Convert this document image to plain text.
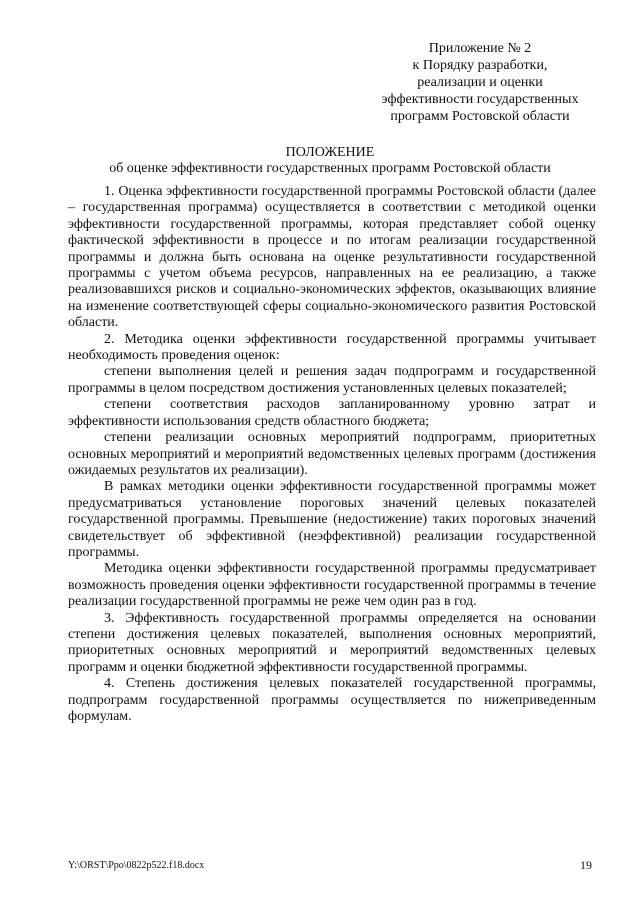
Приложение № 2
к Порядку разработки,
реализации и оценки
эффективности государственных
программ Ростовской области
ПОЛОЖЕНИЕ
об оценке эффективности государственных программ Ростовской области

1. Оценка эффективности государственной программы Ростовской области (далее – государственная программа) осуществляется в соответствии с методикой оценки эффективности государственной программы, которая представляет собой оценку фактической эффективности в процессе и по итогам реализации государственной программы и должна быть основана на оценке результативности государственной программы с учетом объема ресурсов, направленных на ее реализацию, а также реализовавшихся рисков и социально-экономических эффектов, оказывающих влияние на изменение соответствующей сферы социально-экономического развития Ростовской области.

2. Методика оценки эффективности государственной программы учитывает необходимость проведения оценок:

степени выполнения целей и решения задач подпрограмм и государственной программы в целом посредством достижения установленных целевых показателей;

степени соответствия расходов запланированному уровню затрат и эффективности использования средств областного бюджета;

степени реализации основных мероприятий подпрограмм, приоритетных основных мероприятий и мероприятий ведомственных целевых программ (достижения ожидаемых результатов их реализации).

В рамках методики оценки эффективности государственной программы может предусматриваться установление пороговых значений целевых показателей государственной программы. Превышение (недостижение) таких пороговых значений свидетельствует об эффективной (неэффективной) реализации государственной программы.

Методика оценки эффективности государственной программы предусматривает возможность проведения оценки эффективности государственной программы в течение реализации государственной программы не реже чем один раз в год.

3. Эффективность государственной программы определяется на основании степени достижения целевых показателей, выполнения основных мероприятий, приоритетных основных мероприятий и мероприятий ведомственных целевых программ и оценки бюджетной эффективности государственной программы.

4. Степень достижения целевых показателей государственной программы, подпрограмм государственной программы осуществляется по нижеприведенным формулам.

Y:\ORST\Ppo\0822p522.f18.docx	19
